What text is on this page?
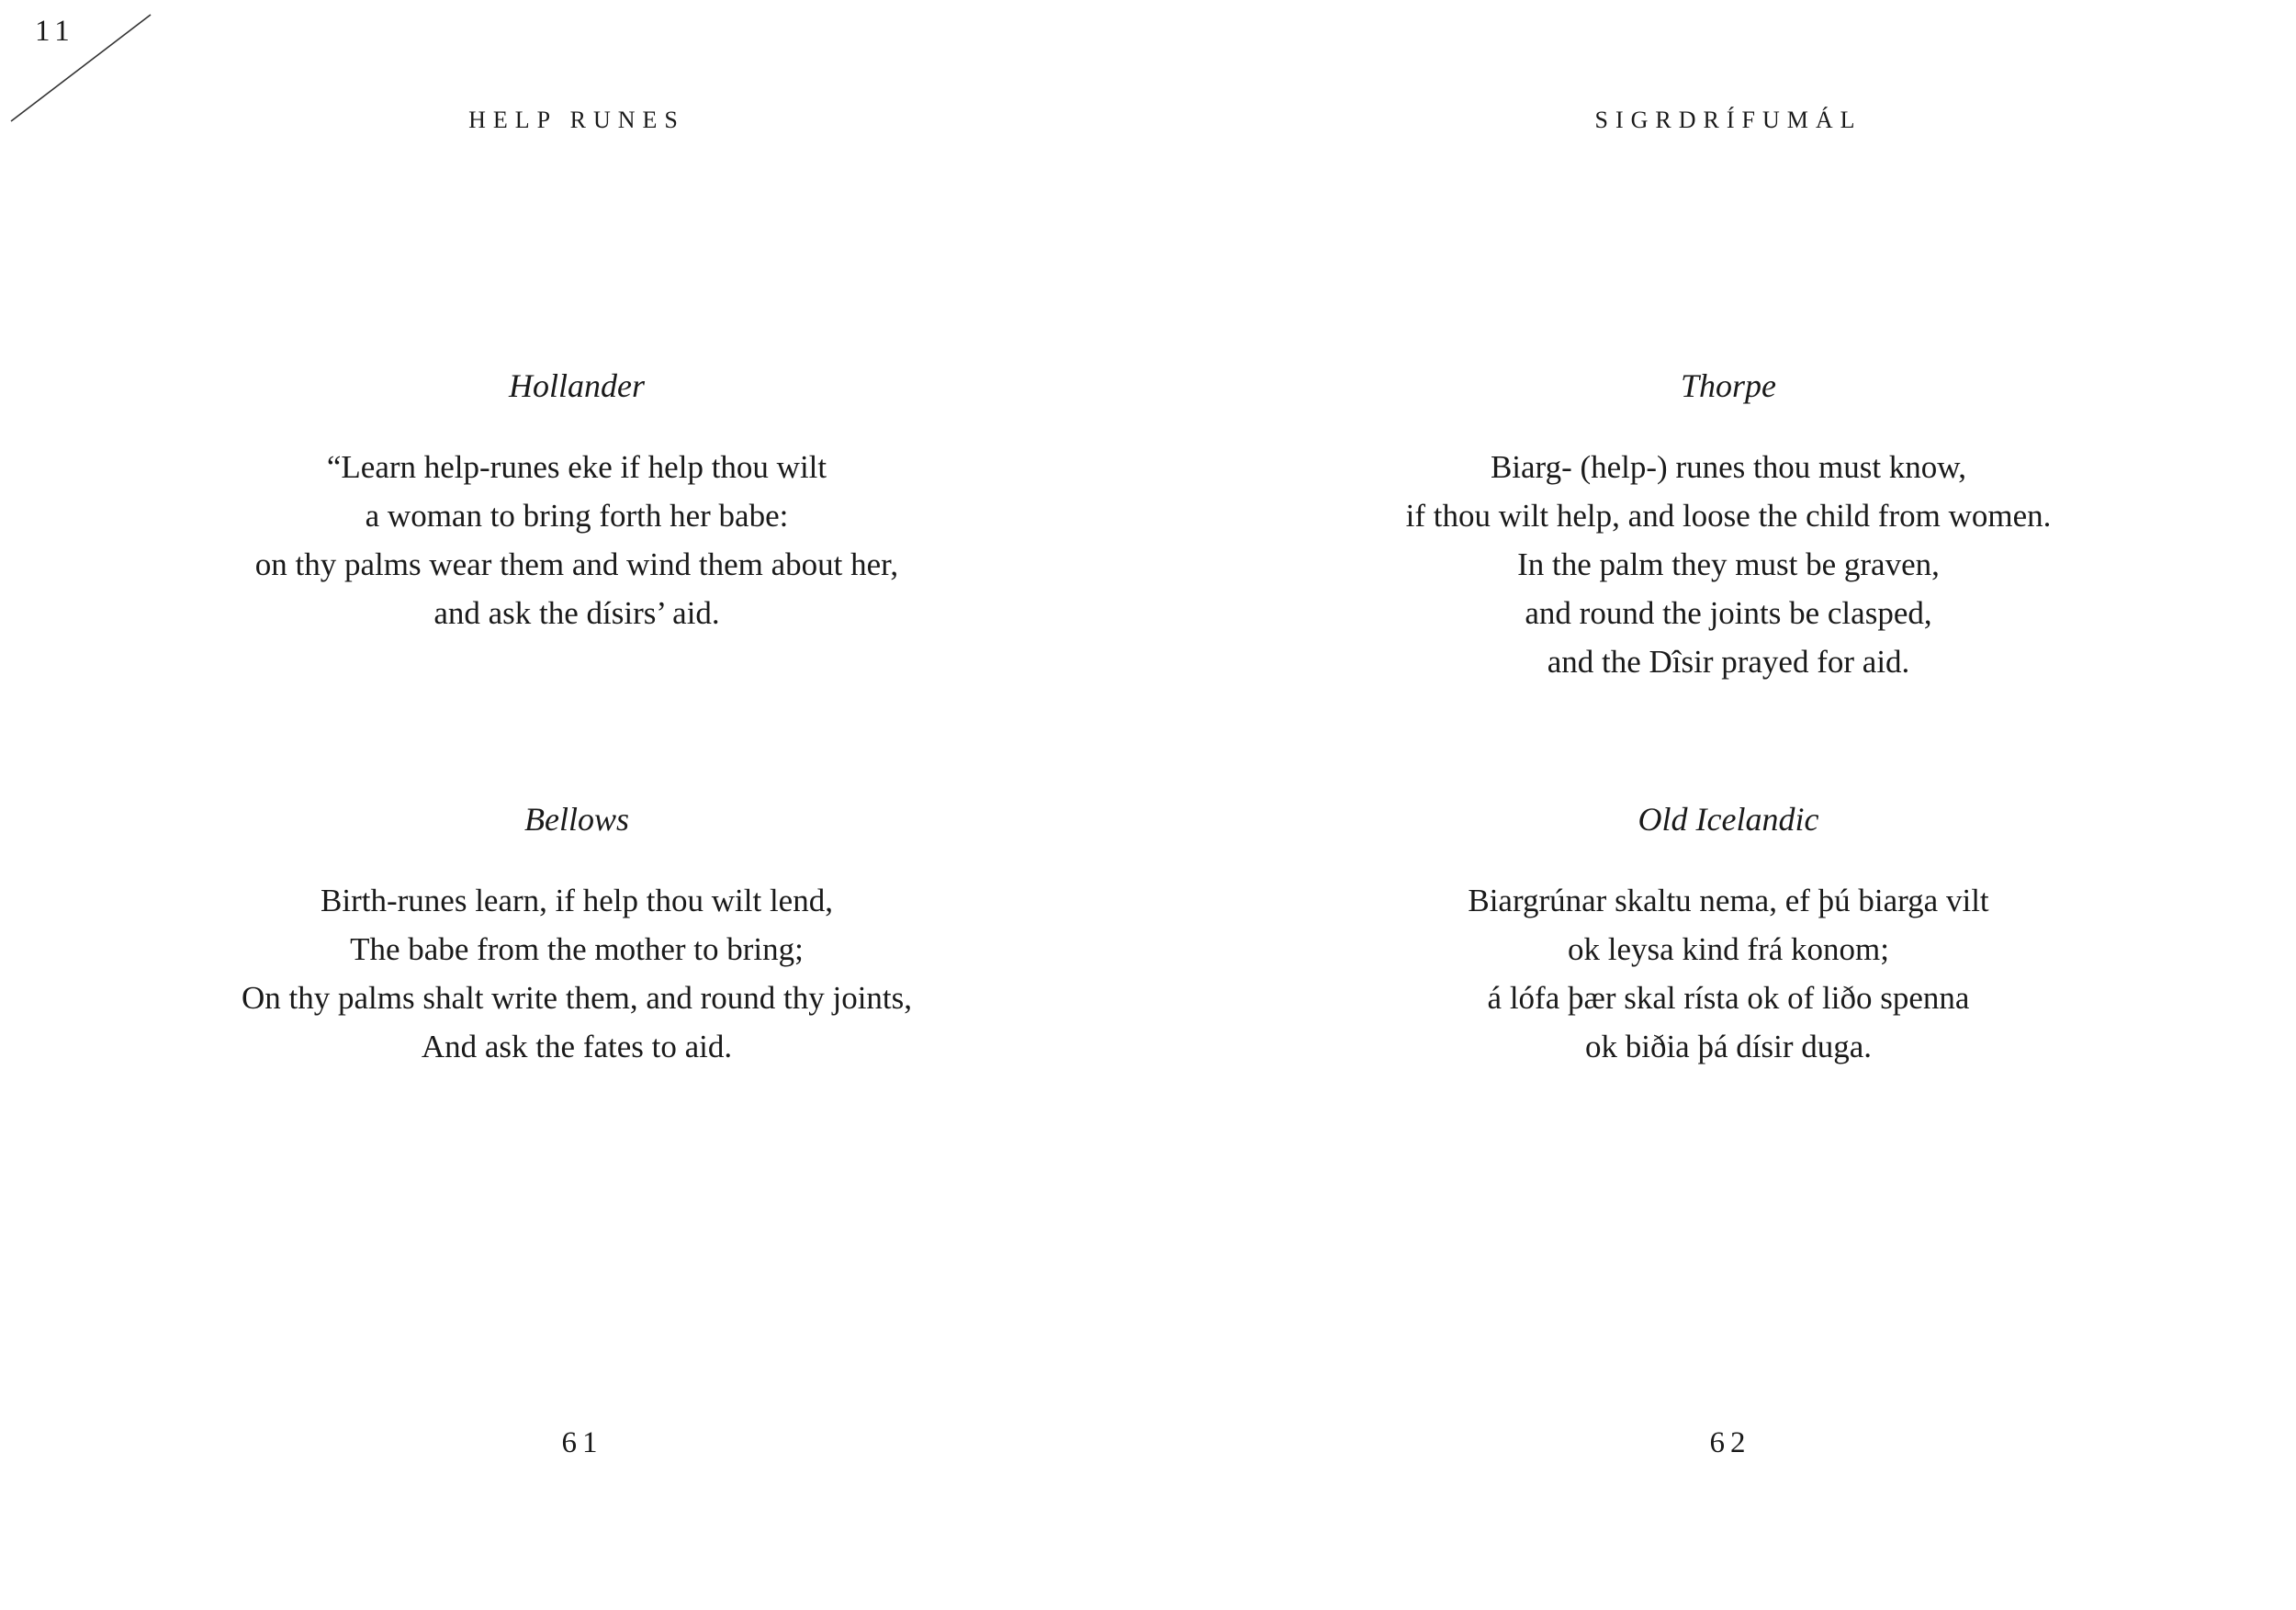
11
HELP RUNES
Hollander
“Learn help-runes eke if help thou wilt
a woman to bring forth her babe:
on thy palms wear them and wind them about her,
and ask the dísirs’ aid.
Bellows
Birth-runes learn, if help thou wilt lend,
The babe from the mother to bring;
On thy palms shalt write them, and round thy joints,
And ask the fates to aid.
61
SIGRDRÍFUMÁL
Thorpe
Biarg- (help-) runes thou must know,
if thou wilt help, and loose the child from women.
In the palm they must be graven,
and round the joints be clasped,
and the Dîsir prayed for aid.
Old Icelandic
Biargrúnar skaltu nema, ef þú biarga vilt
ok leysa kind frá konom;
á lófa þær skal rísta ok of liðo spenna
ok biðia þá dísir duga.
62
